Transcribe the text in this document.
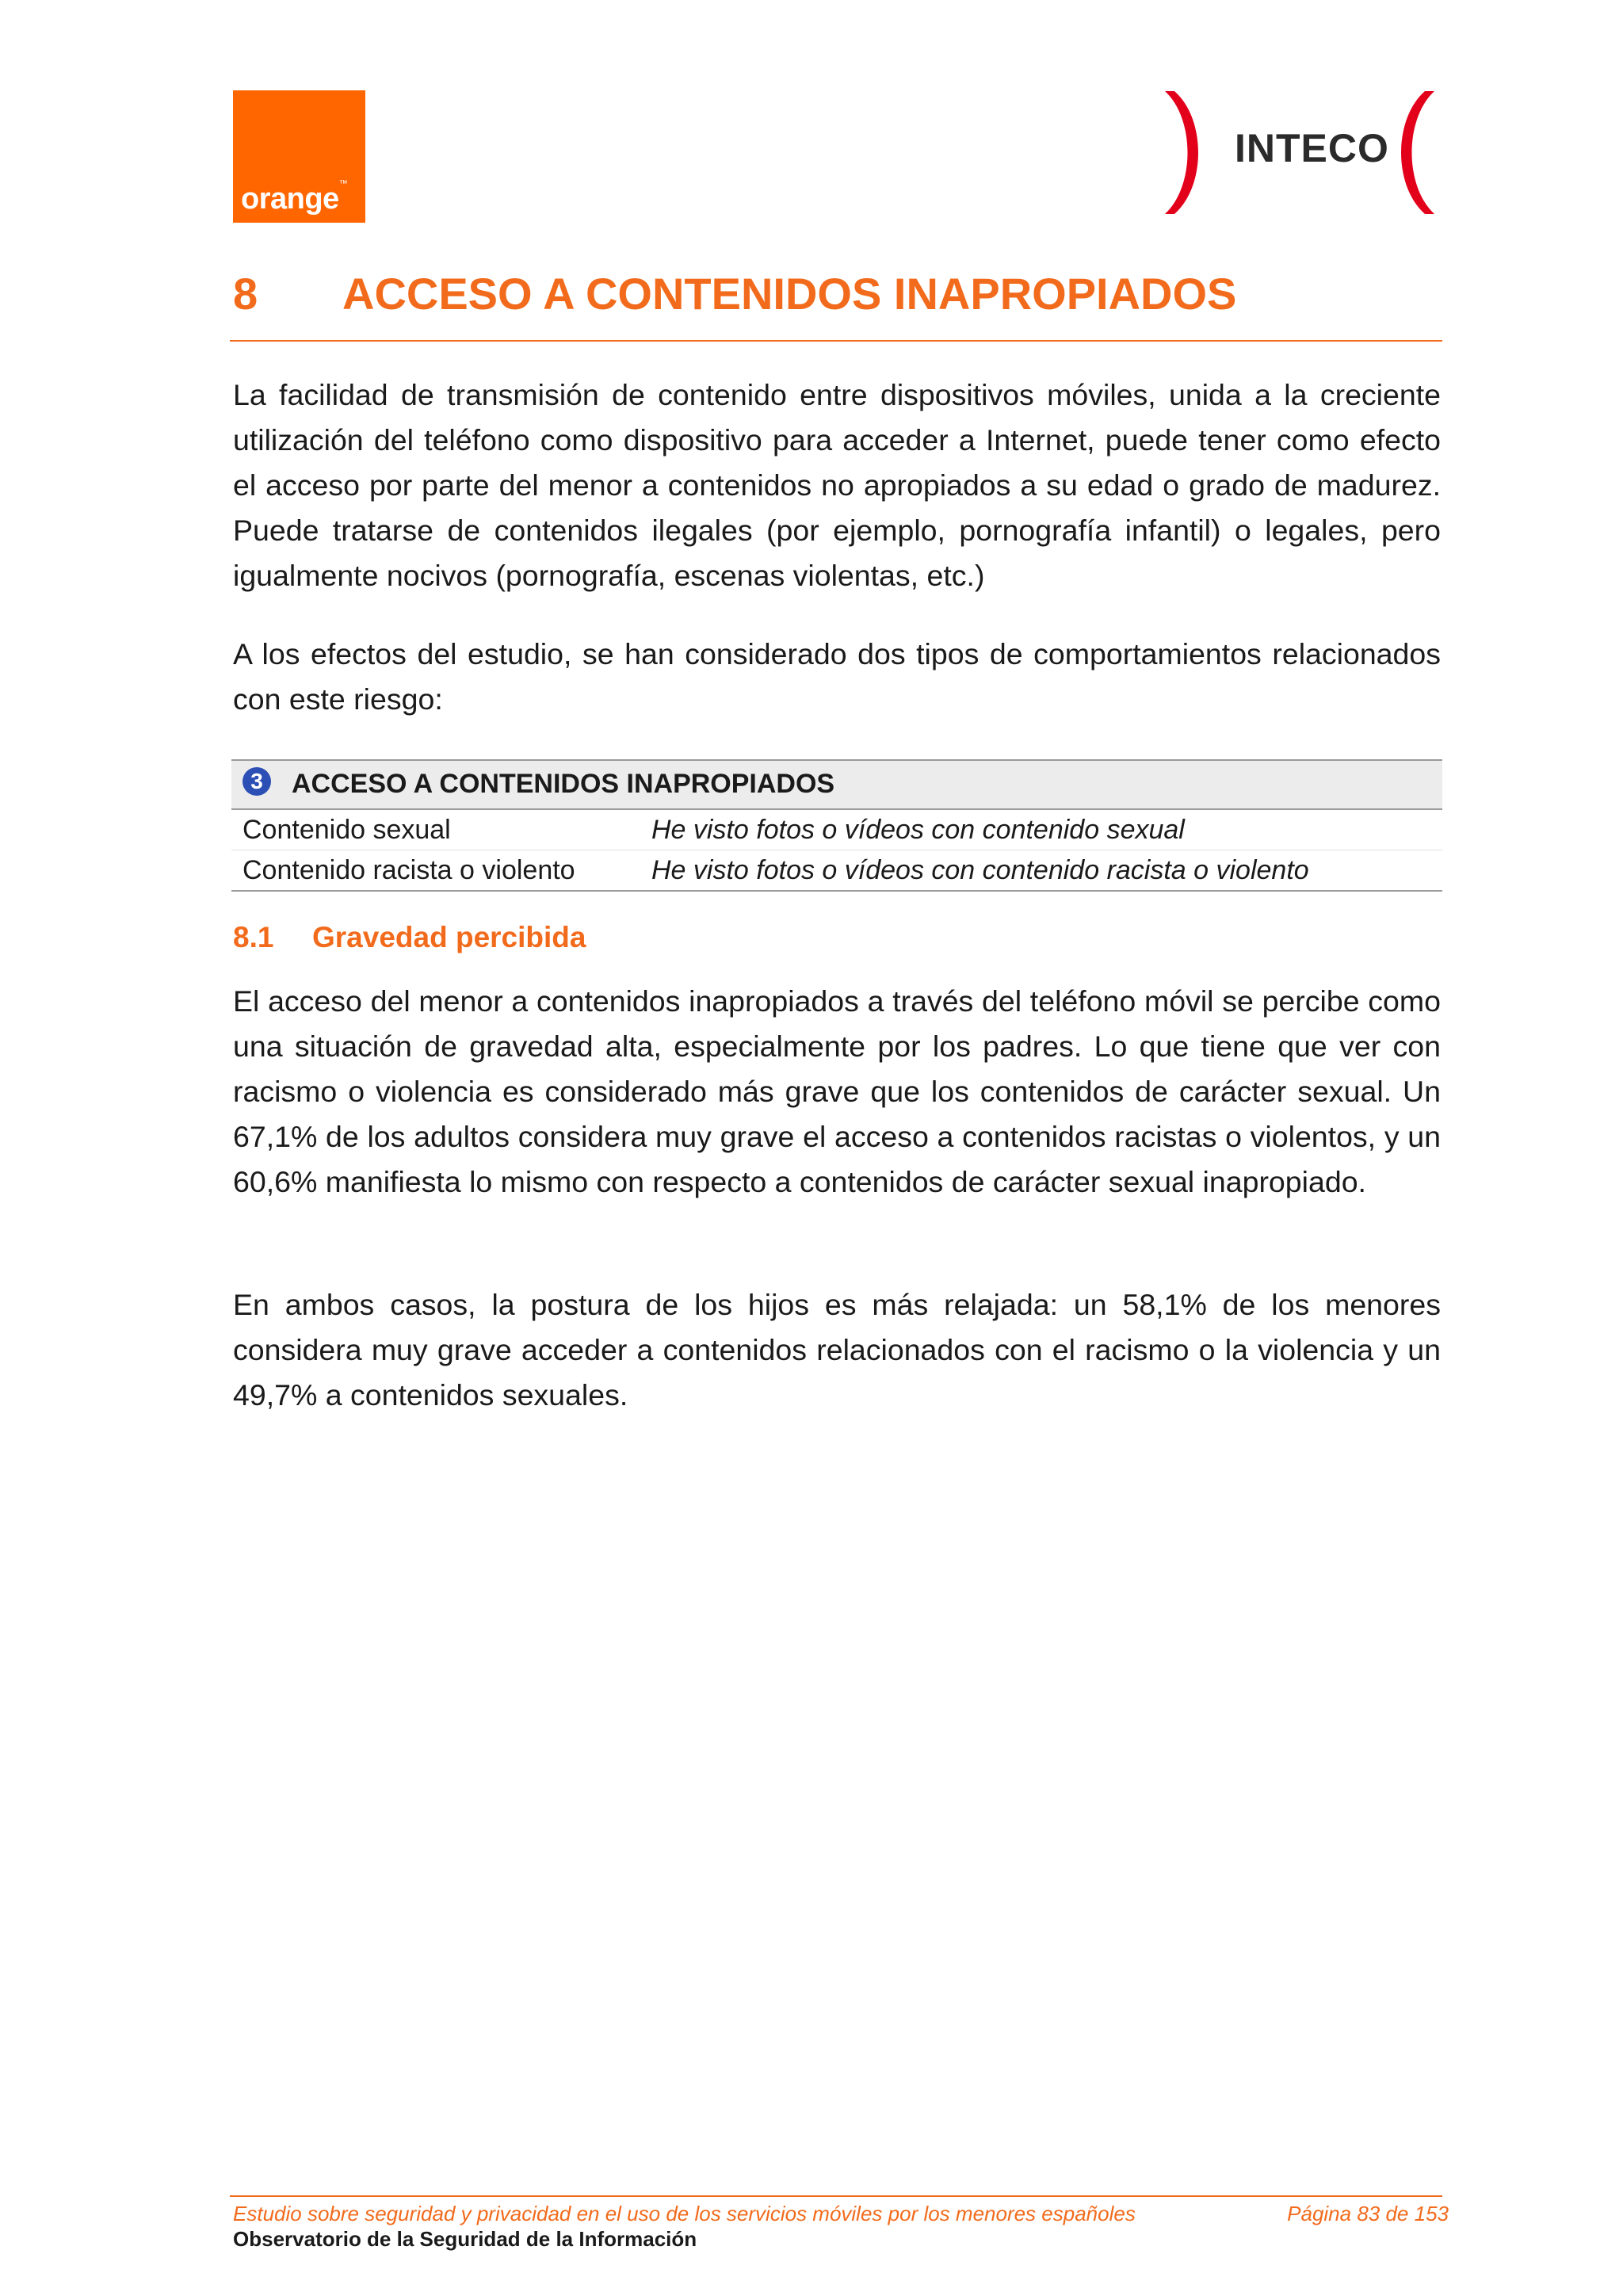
orange™
INTECO
8	ACCESO A CONTENIDOS INAPROPIADOS

La facilidad de transmisión de contenido entre dispositivos móviles, unida a la creciente utilización del teléfono como dispositivo para acceder a Internet, puede tener como efecto el acceso por parte del menor a contenidos no apropiados a su edad o grado de madurez. Puede tratarse de contenidos ilegales (por ejemplo, pornografía infantil) o legales, pero igualmente nocivos (pornografía, escenas violentas, etc.)

A los efectos del estudio, se han considerado dos tipos de comportamientos relacionados con este riesgo:

3 ACCESO A CONTENIDOS INAPROPIADOS	
Contenido sexual	He visto fotos o vídeos con contenido sexual
Contenido racista o violento	He visto fotos o vídeos con contenido racista o violento
8.1	Gravedad percibida

El acceso del menor a contenidos inapropiados a través del teléfono móvil se percibe como una situación de gravedad alta, especialmente por los padres. Lo que tiene que ver con racismo o violencia es considerado más grave que los contenidos de carácter sexual. Un 67,1% de los adultos considera muy grave el acceso a contenidos racistas o violentos, y un 60,6% manifiesta lo mismo con respecto a contenidos de carácter sexual inapropiado.

En ambos casos, la postura de los hijos es más relajada: un 58,1% de los menores considera muy grave acceder a contenidos relacionados con el racismo o la violencia y un 49,7% a contenidos sexuales.

Estudio sobre seguridad y privacidad en el uso de los servicios móviles por los menores españoles	Página 83 de 153
Observatorio de la Seguridad de la Información
